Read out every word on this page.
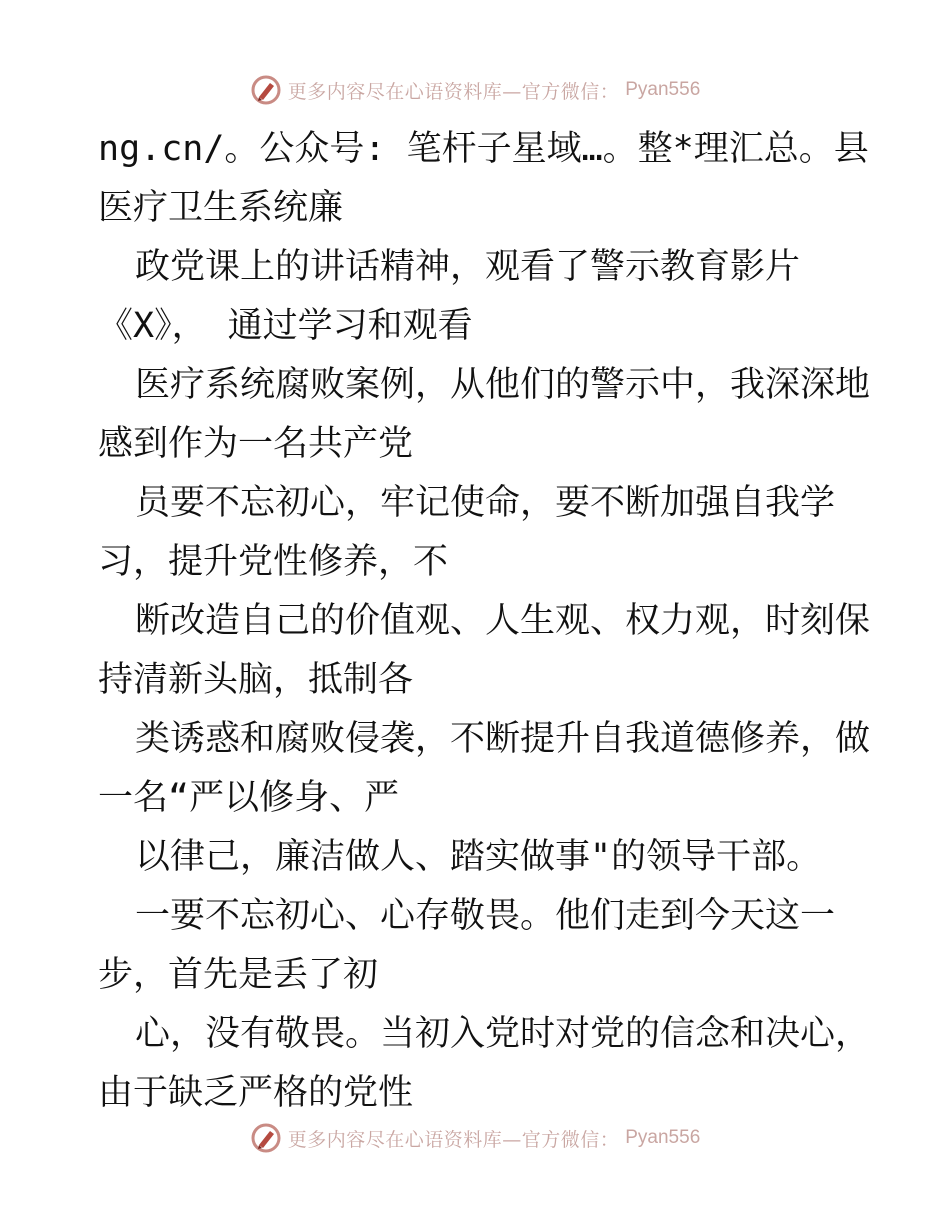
更多内容尽在心语资料库—官方微信： Pyan556
ng.cn/。公众号: 笔杆子星域…。整*理汇总。县
医疗卫生系统廉
政党课上的讲话精神，观看了警示教育影片
《X》， 通过学习和观看
医疗系统腐败案例，从他们的警示中，我深深地
感到作为一名共产党
员要不忘初心，牢记使命，要不断加强自我学
习，提升党性修养，不
断改造自己的价值观、人生观、权力观，时刻保
持清新头脑，抵制各
类诱惑和腐败侵袭，不断提升自我道德修养，做
一名“严以修身、严
以律己，廉洁做人、踏实做事"的领导干部。
一要不忘初心、心存敬畏。他们走到今天这一
步，首先是丢了初
心，没有敬畏。当初入党时对党的信念和决心，
由于缺乏严格的党性
更多内容尽在心语资料库—官方微信： Pyan556
